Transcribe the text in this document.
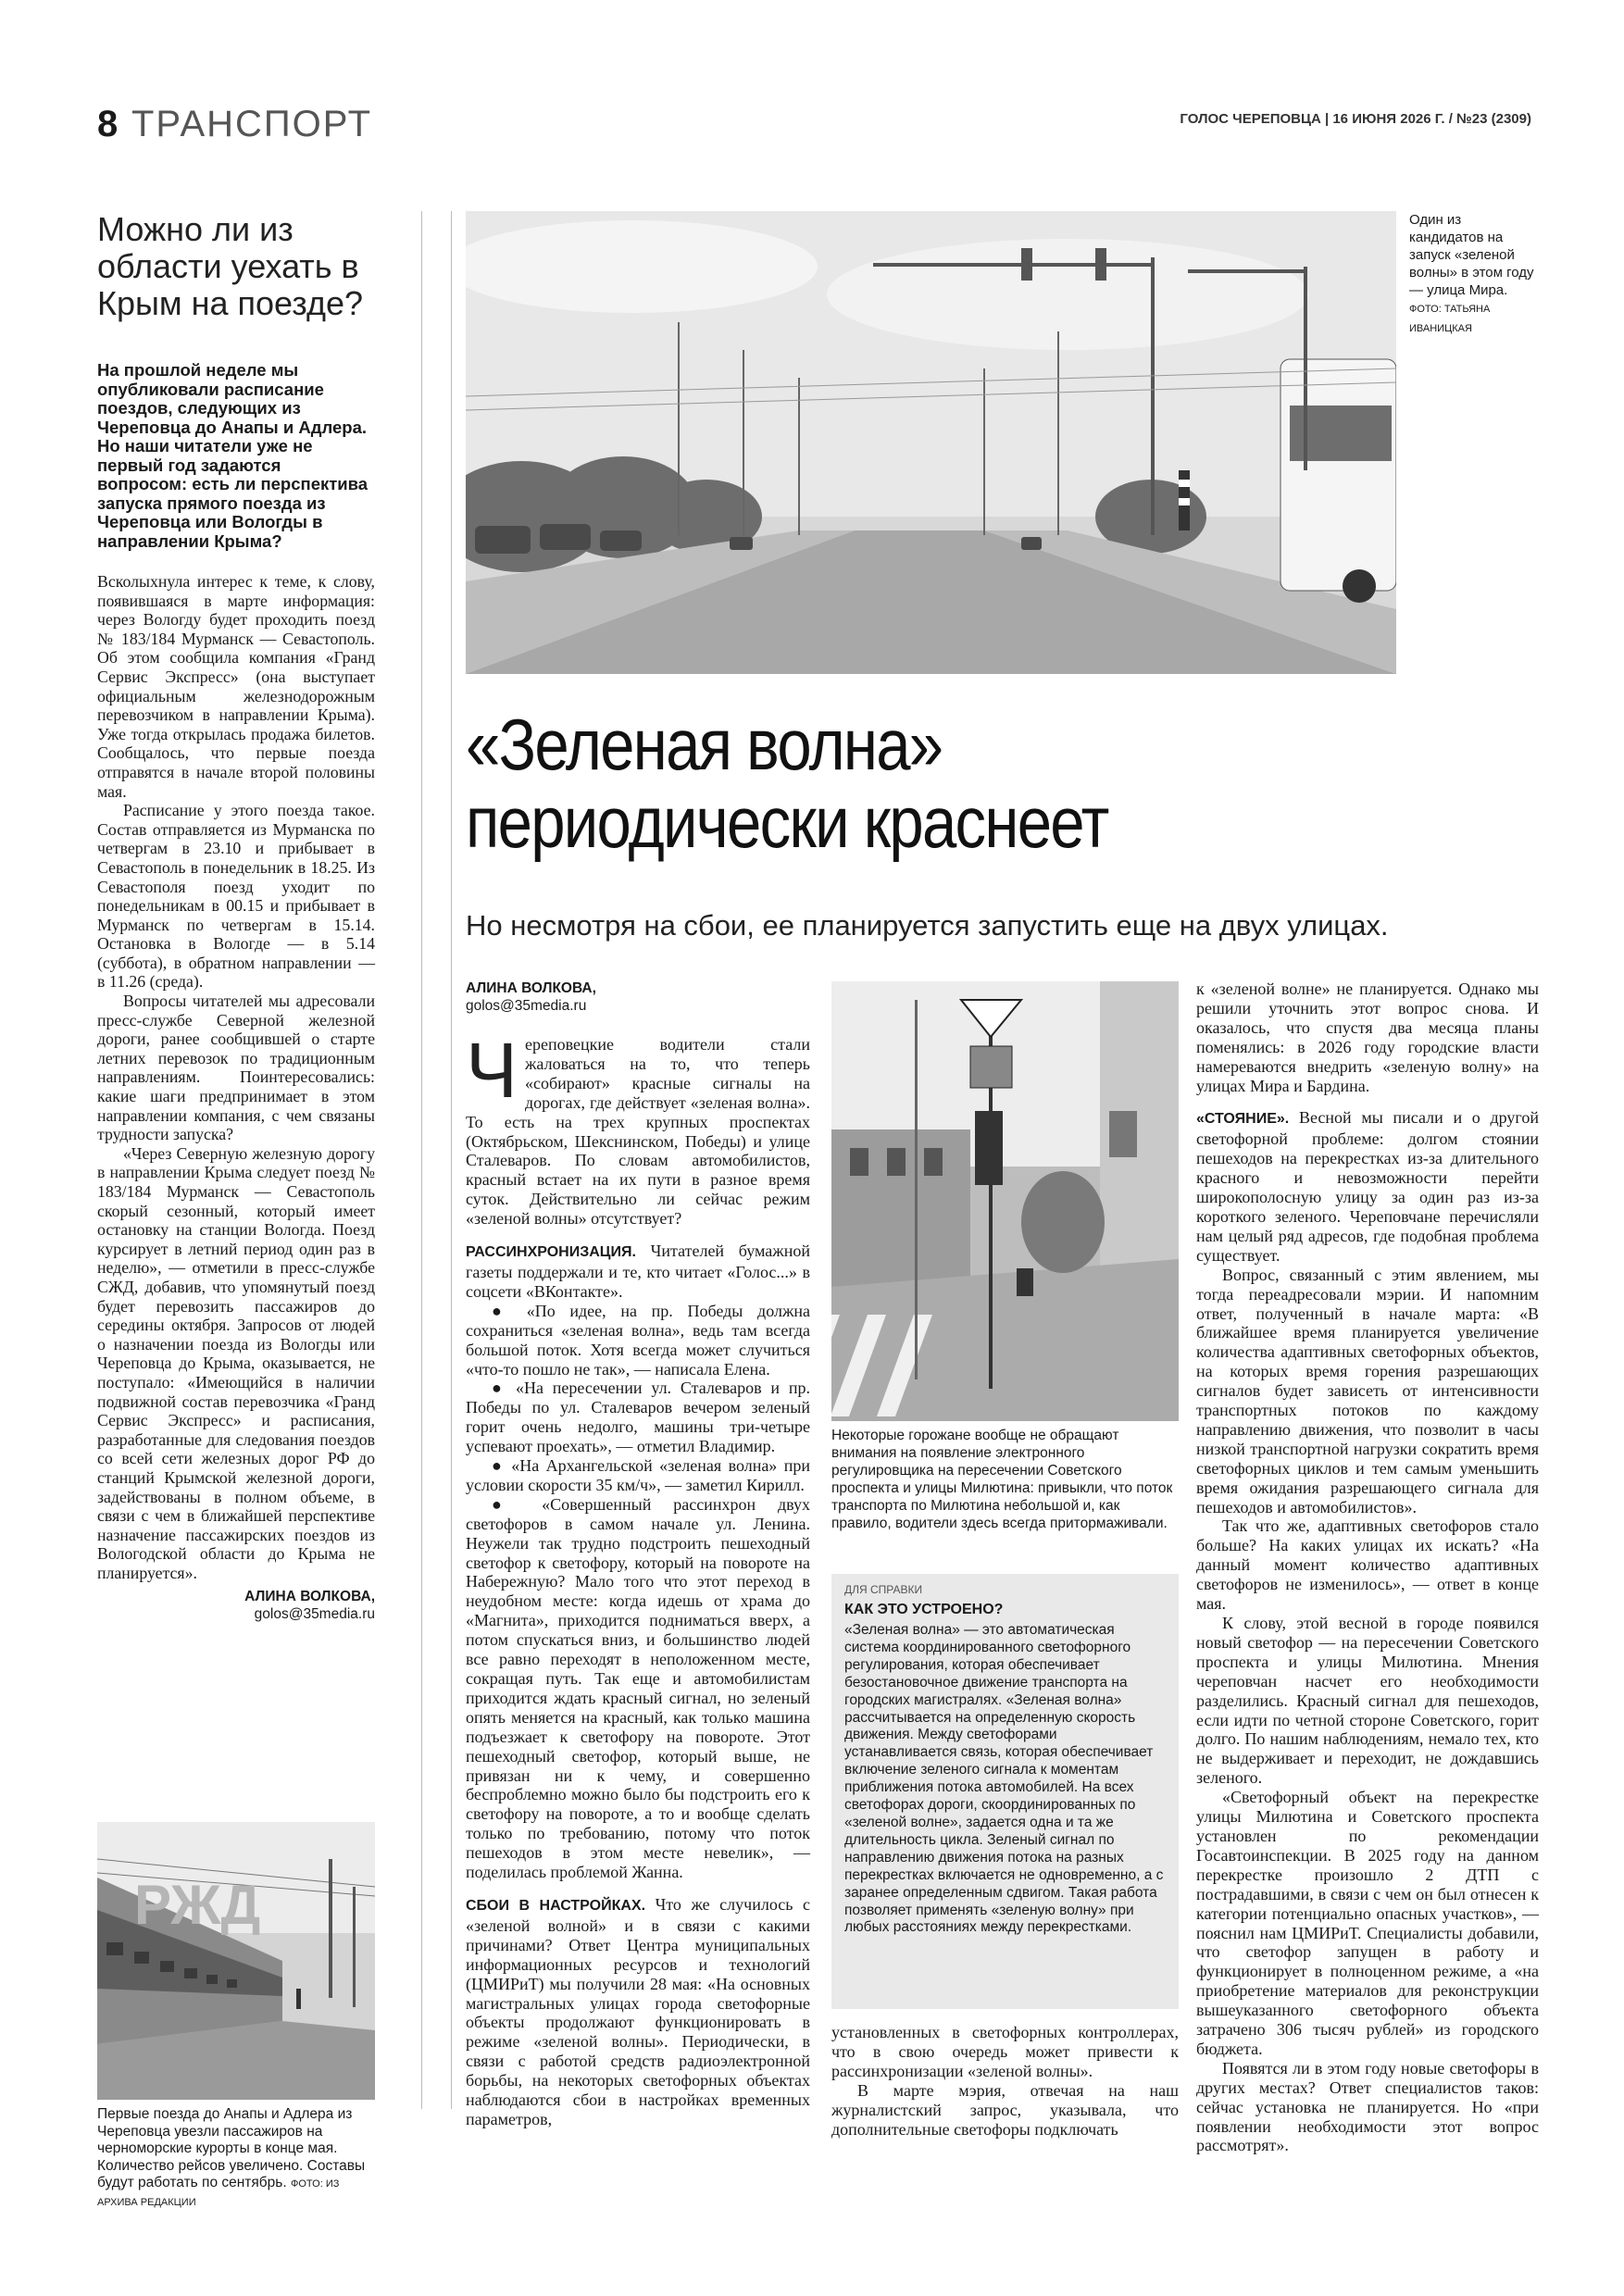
8 ТРАНСПОРТ	ГОЛОС ЧЕРЕПОВЦА | 16 ИЮНЯ 2026 Г. / №23 (2309)
Можно ли из области уехать в Крым на поезде?
На прошлой неделе мы опубликовали расписание поездов, следующих из Череповца до Анапы и Адлера. Но наши читатели уже не первый год задаются вопросом: есть ли перспектива запуска прямого поезда из Череповца или Вологды в направлении Крыма?

Всколыхнула интерес к теме, к слову, появившаяся в марте информация: через Вологду будет проходить поезд № 183/184 Мурманск — Севастополь. Об этом сообщила компания «Гранд Сервис Экспресс» (она выступает официальным железнодорожным перевозчиком в направлении Крыма). Уже тогда открылась продажа билетов. Сообщалось, что первые поезда отправятся в начале второй половины мая.

Расписание у этого поезда такое. Состав отправляется из Мурманска по четвергам в 23.10 и прибывает в Севастополь в понедельник в 18.25. Из Севастополя поезд уходит по понедельникам в 00.15 и прибывает в Мурманск по четвергам в 15.14. Остановка в Вологде — в 5.14 (суббота), в обратном направлении — в 11.26 (среда).

Вопросы читателей мы адресовали пресс-службе Северной железной дороги, ранее сообщившей о старте летних перевозок по традиционным направлениям. Поинтересовались: какие шаги предпринимает в этом направлении компания, с чем связаны трудности запуска?

«Через Северную железную дорогу в направлении Крыма следует поезд № 183/184 Мурманск — Севастополь скорый сезонный, который имеет остановку на станции Вологда. Поезд курсирует в летний период один раз в неделю», — отметили в пресс-службе СЖД, добавив, что упомянутый поезд будет перевозить пассажиров до середины октября. Запросов от людей о назначении поезда из Вологды или Череповца до Крыма, оказывается, не поступало: «Имеющийся в наличии подвижной состав перевозчика «Гранд Сервис Экспресс» и расписания, разработанные для следования поездов со всей сети железных дорог РФ до станций Крымской железной дороги, задействованы в полном объеме, в связи с чем в ближайшей перспективе назначение пассажирских поездов из Вологодской области до Крыма не планируется».

АЛИНА ВОЛКОВА,
golos@35media.ru
РЖД
Первые поезда до Анапы и Адлера из Череповца увезли пассажиров на черноморские курорты в конце мая. Количество рейсов увеличено. Составы будут работать по сентябрь. ФОТО: ИЗ АРХИВА РЕДАКЦИИ
Один из кандидатов на запуск «зеленой волны» в этом году — улица Мира. ФОТО: ТАТЬЯНА ИВАНИЦКАЯ
«Зеленая волна»
периодически краснеет
Но несмотря на сбои, ее планируется запустить еще на двух улицах.
АЛИНА ВОЛКОВА,
golos@35media.ru

Череповецкие водители стали жаловаться на то, что теперь «собирают» красные сигналы на дорогах, где действует «зеленая волна». То есть на трех крупных проспектах (Октябрьском, Шекснинском, Победы) и улице Сталеваров. По словам автомобилистов, красный встает на их пути в разное время суток. Действительно ли сейчас режим «зеленой волны» отсутствует?

РАССИНХРОНИЗАЦИЯ. Читателей бумажной газеты поддержали и те, кто читает «Голос...» в соцсети «ВКонтакте».

● «По идее, на пр. Победы должна сохраниться «зеленая волна», ведь там всегда большой поток. Хотя всегда может случиться «что-то пошло не так», — написала Елена.

● «На пересечении ул. Сталеваров и пр. Победы по ул. Сталеваров вечером зеленый горит очень недолго, машины три-четыре успевают проехать», — отметил Владимир.

● «На Архангельской «зеленая волна» при условии скорости 35 км/ч», — заметил Кирилл.

● «Совершенный рассинхрон двух светофоров в самом начале ул. Ленина. Неужели так трудно подстроить пешеходный светофор к светофору, который на повороте на Набережную? Мало того что этот переход в неудобном месте: когда идешь от храма до «Магнита», приходится подниматься вверх, а потом спускаться вниз, и большинство людей все равно переходят в неположенном месте, сокращая путь. Так еще и автомобилистам приходится ждать красный сигнал, но зеленый опять меняется на красный, как только машина подъезжает к светофору на повороте. Этот пешеходный светофор, который выше, не привязан ни к чему, и совершенно беспроблемно можно было бы подстроить его к светофору на повороте, а то и вообще сделать только по требованию, потому что поток пешеходов в этом месте невелик», — поделилась проблемой Жанна.

СБОИ В НАСТРОЙКАХ. Что же случилось с «зеленой волной» и в связи с какими причинами? Ответ Центра муниципальных информационных ресурсов и технологий (ЦМИРиТ) мы получили 28 мая: «На основных магистральных улицах города светофорные объекты продолжают функционировать в режиме «зеленой волны». Периодически, в связи с работой средств радиоэлектронной борьбы, на некоторых светофорных объектах наблюдаются сбои в настройках временных параметров,

Некоторые горожане вообще не обращают внимания на появление электронного регулировщика на пересечении Советского проспекта и улицы Милютина: привыкли, что поток транспорта по Милютина небольшой и, как правило, водители здесь всегда притормаживали.
ДЛЯ СПРАВКИ
КАК ЭТО УСТРОЕНО?
«Зеленая волна» — это автоматическая система координированного светофорного регулирования, которая обеспечивает безостановочное движение транспорта на городских магистралях. «Зеленая волна» рассчитывается на определенную скорость движения. Между светофорами устанавливается связь, которая обеспечивает включение зеленого сигнала к моментам приближения потока автомобилей. На всех светофорах дороги, скоординированных по «зеленой волне», задается одна и та же длительность цикла. Зеленый сигнал по направлению движения потока на разных перекрестках включается не одновременно, а с заранее определенным сдвигом. Такая работа позволяет применять «зеленую волну» при любых расстояниях между перекрестками.

установленных в светофорных контроллерах, что в свою очередь может привести к рассинхронизации «зеленой волны».

В марте мэрия, отвечая на наш журналистский запрос, указывала, что дополнительные светофоры подключать

к «зеленой волне» не планируется. Однако мы решили уточнить этот вопрос снова. И оказалось, что спустя два месяца планы поменялись: в 2026 году городские власти намереваются внедрить «зеленую волну» на улицах Мира и Бардина.

«СТОЯНИЕ». Весной мы писали и о другой светофорной проблеме: долгом стоянии пешеходов на перекрестках из-за длительного красного и невозможности перейти широкополосную улицу за один раз из-за короткого зеленого. Череповчане перечисляли нам целый ряд адресов, где подобная проблема существует.

Вопрос, связанный с этим явлением, мы тогда переадресовали мэрии. И напомним ответ, полученный в начале марта: «В ближайшее время планируется увеличение количества адаптивных светофорных объектов, на которых время горения разрешающих сигналов будет зависеть от интенсивности транспортных потоков по каждому направлению движения, что позволит в часы низкой транспортной нагрузки сократить время светофорных циклов и тем самым уменьшить время ожидания разрешающего сигнала для пешеходов и автомобилистов».

Так что же, адаптивных светофоров стало больше? На каких улицах их искать? «На данный момент количество адаптивных светофоров не изменилось», — ответ в конце мая.

К слову, этой весной в городе появился новый светофор — на пересечении Советского проспекта и улицы Милютина. Мнения череповчан насчет его необходимости разделились. Красный сигнал для пешеходов, если идти по четной стороне Советского, горит долго. По нашим наблюдениям, немало тех, кто не выдерживает и переходит, не дождавшись зеленого.

«Светофорный объект на перекрестке улицы Милютина и Советского проспекта установлен по рекомендации Госавтоинспекции. В 2025 году на данном перекрестке произошло 2 ДТП с пострадавшими, в связи с чем он был отнесен к категории потенциально опасных участков», — пояснил нам ЦМИРиТ. Специалисты добавили, что светофор запущен в работу и функционирует в полноценном режиме, а «на приобретение материалов для реконструкции вышеуказанного светофорного объекта затрачено 306 тысяч рублей» из городского бюджета.

Появятся ли в этом году новые светофоры в других местах? Ответ специалистов таков: сейчас установка не планируется. Но «при появлении необходимости этот вопрос рассмотрят».
